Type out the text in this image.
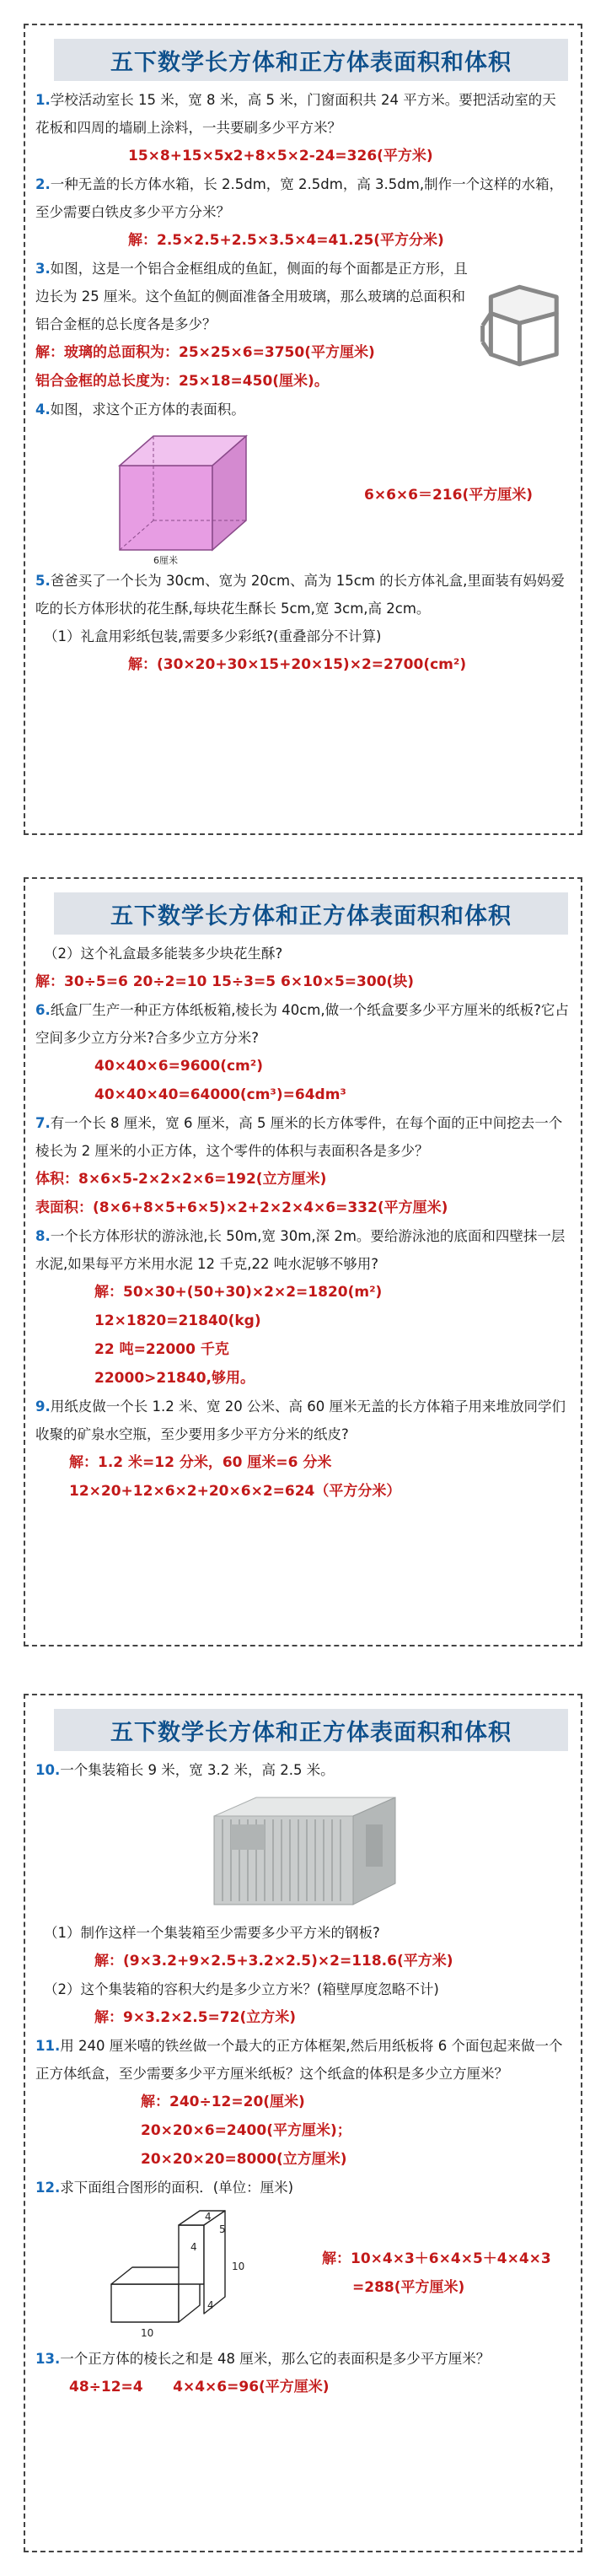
五下数学长方体和正方体表面积和体积
1.学校活动室长 15 米，宽 8 米，高 5 米，门窗面积共 24 平方米。要把活动室的天花板和四周的墙刷上涂料，一共要刷多少平方米？
15×8+15×5x2+8×5×2-24=326(平方米)
2.一种无盖的长方体水箱，长 2.5dm，宽 2.5dm，高 3.5dm,制作一个这样的水箱，至少需要白铁皮多少平方分米？
解：2.5×2.5+2.5×3.5×4=41.25(平方分米)
3.如图，这是一个铝合金框组成的鱼缸，侧面的每个面都是正方形，且边长为 25 厘米。这个鱼缸的侧面准备全用玻璃，那么玻璃的总面积和铝合金框的总长度各是多少？
解：玻璃的总面积为：25×25×6=3750(平方厘米)
铝合金框的总长度为：25×18=450(厘米)。
4.如图，求这个正方体的表面积。
6厘米
6×6×6＝216(平方厘米)
5.爸爸买了一个长为 30cm、宽为 20cm、高为 15cm 的长方体礼盒,里面装有妈妈爱吃的长方体形状的花生酥,每块花生酥长 5cm,宽 3cm,高 2cm。
（1）礼盒用彩纸包装,需要多少彩纸?(重叠部分不计算)
解：(30×20+30×15+20×15)×2=2700(cm²)
五下数学长方体和正方体表面积和体积
（2）这个礼盒最多能装多少块花生酥?
解：30÷5=6 20÷2=10 15÷3=5 6×10×5=300(块)
6.纸盒厂生产一种正方体纸板箱,棱长为 40cm,做一个纸盒要多少平方厘米的纸板?它占空间多少立方分米?合多少立方分米?
40×40×6=9600(cm²)
40×40×40=64000(cm³)=64dm³
7.有一个长 8 厘米，宽 6 厘米，高 5 厘米的长方体零件，在每个面的正中间挖去一个棱长为 2 厘米的小正方体，这个零件的体积与表面积各是多少？
体积：8×6×5-2×2×2×6=192(立方厘米)
表面积：(8×6+8×5+6×5)×2+2×2×4×6=332(平方厘米)
8.一个长方体形状的游泳池,长 50m,宽 30m,深 2m。要给游泳池的底面和四壁抹一层水泥,如果每平方米用水泥 12 千克,22 吨水泥够不够用?
解：50×30+(50+30)×2×2=1820(m²)
12×1820=21840(kg)
22 吨=22000 千克
22000>21840,够用。
9.用纸皮做一个长 1.2 米、宽 20 公米、高 60 厘米无盖的长方体箱子用来堆放同学们收聚的矿泉水空瓶，至少要用多少平方分米的纸皮?
解：1.2 米=12 分米，60 厘米=6 分米
12×20+12×6×2+20×6×2=624（平方分米）
五下数学长方体和正方体表面积和体积
10.一个集装箱长 9 米，宽 3.2 米，高 2.5 米。
（1）制作这样一个集装箱至少需要多少平方米的钢板?
解：(9×3.2+9×2.5+3.2×2.5)×2=118.6(平方米)
（2）这个集装箱的容积大约是多少立方米？(箱壁厚度忽略不计)
解：9×3.2×2.5=72(立方米)
11.用 240 厘米嘻的铁丝做一个最大的正方体框架,然后用纸板将 6 个面包起来做一个正方体纸盒，至少需要多少平方厘米纸板？这个纸盒的体积是多少立方厘米？
解：240÷12=20(厘米)
20×20×6=2400(平方厘米)；
20×20×20=8000(立方厘米)
12.求下面组合图形的面积．(单位：厘米)
4
4
5
4
10
10
解：10×4×3＋6×4×5＋4×4×3
=288(平方厘米)
13.一个正方体的棱长之和是 48 厘米，那么它的表面积是多少平方厘米？
48÷12=4      4×4×6=96(平方厘米)
